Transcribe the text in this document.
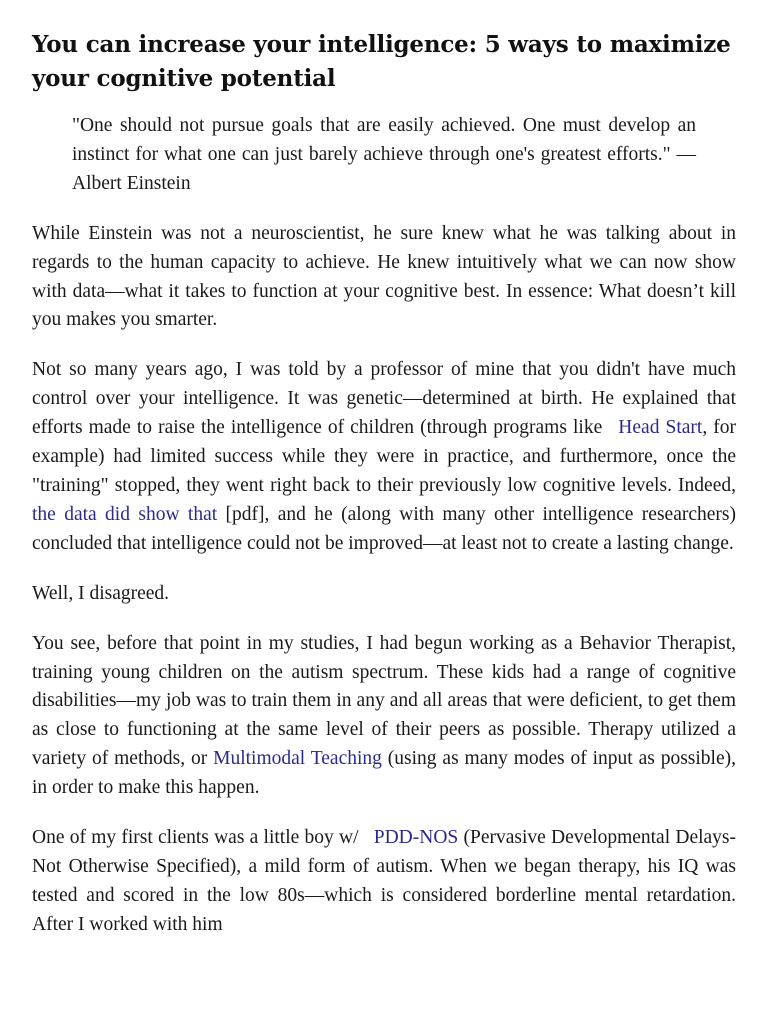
You can increase your intelligence: 5 ways to maximize your cognitive potential
"One should not pursue goals that are easily achieved. One must develop an instinct for what one can just barely achieve through one's greatest efforts." —Albert Einstein

While Einstein was not a neuroscientist, he sure knew what he was talking about in regards to the human capacity to achieve. He knew intuitively what we can now show with data—what it takes to function at your cognitive best. In essence: What doesn’t kill you makes you smarter.

Not so many years ago, I was told by a professor of mine that you didn't have much control over your intelligence. It was genetic—determined at birth. He explained that efforts made to raise the intelligence of children (through programs like Head Start, for example) had limited success while they were in practice, and furthermore, once the "training" stopped, they went right back to their previously low cognitive levels. Indeed, the data did show that [pdf], and he (along with many other intelligence researchers) concluded that intelligence could not be improved—at least not to create a lasting change.

Well, I disagreed.

You see, before that point in my studies, I had begun working as a Behavior Therapist, training young children on the autism spectrum. These kids had a range of cognitive disabilities—my job was to train them in any and all areas that were deficient, to get them as close to functioning at the same level of their peers as possible. Therapy utilized a variety of methods, or Multimodal Teaching (using as many modes of input as possible), in order to make this happen.

One of my first clients was a little boy w/ PDD-NOS (Pervasive Developmental Delays-Not Otherwise Specified), a mild form of autism. When we began therapy, his IQ was tested and scored in the low 80s—which is considered borderline mental retardation. After I worked with him
